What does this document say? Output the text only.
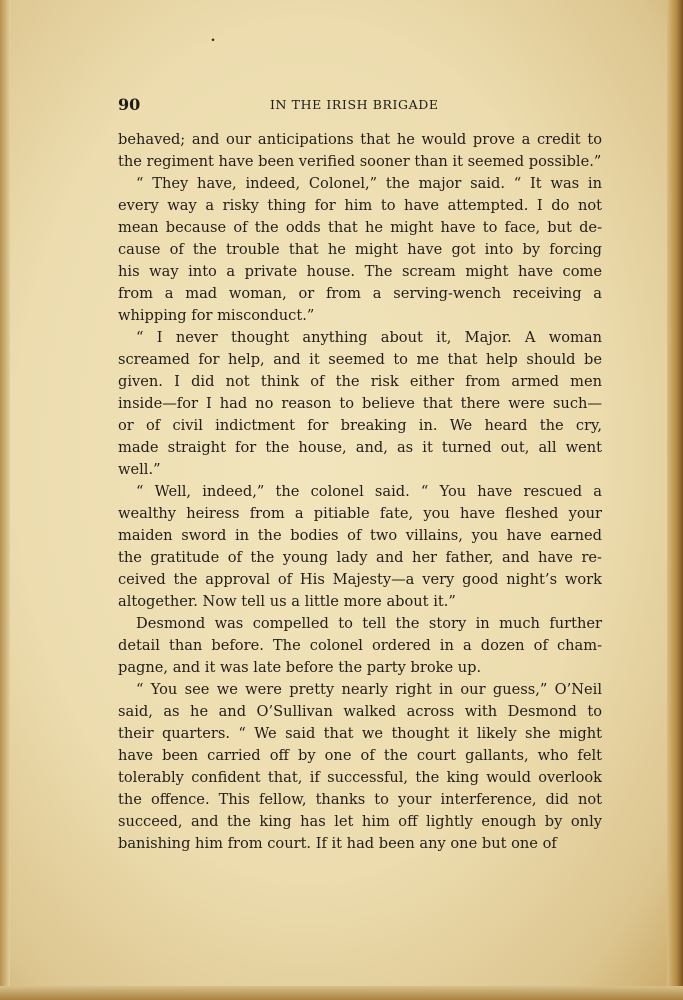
•
90	IN THE IRISH BRIGADE
behaved; and our anticipations that he would prove a credit to
the regiment have been verified sooner than it seemed possible.”
“ They have, indeed, Colonel,” the major said. “ It was in
every way a risky thing for him to have attempted. I do not
mean because of the odds that he might have to face, but de-
cause of the trouble that he might have got into by forcing
his way into a private house. The scream might have come
from a mad woman, or from a serving-wench receiving a
whipping for misconduct.”
“ I never thought anything about it, Major. A woman
screamed for help, and it seemed to me that help should be
given. I did not think of the risk either from armed men
inside—for I had no reason to believe that there were such—
or of civil indictment for breaking in. We heard the cry,
made straight for the house, and, as it turned out, all went
well.”
“ Well, indeed,” the colonel said. “ You have rescued a
wealthy heiress from a pitiable fate, you have fleshed your
maiden sword in the bodies of two villains, you have earned
the gratitude of the young lady and her father, and have re-
ceived the approval of His Majesty—a very good night’s work
altogether. Now tell us a little more about it.”
Desmond was compelled to tell the story in much further
detail than before. The colonel ordered in a dozen of cham-
pagne, and it was late before the party broke up.
“ You see we were pretty nearly right in our guess,” O’Neil
said, as he and O’Sullivan walked across with Desmond to
their quarters. “ We said that we thought it likely she might
have been carried off by one of the court gallants, who felt
tolerably confident that, if successful, the king would overlook
the offence. This fellow, thanks to your interference, did not
succeed, and the king has let him off lightly enough by only
banishing him from court. If it had been any one but one of
